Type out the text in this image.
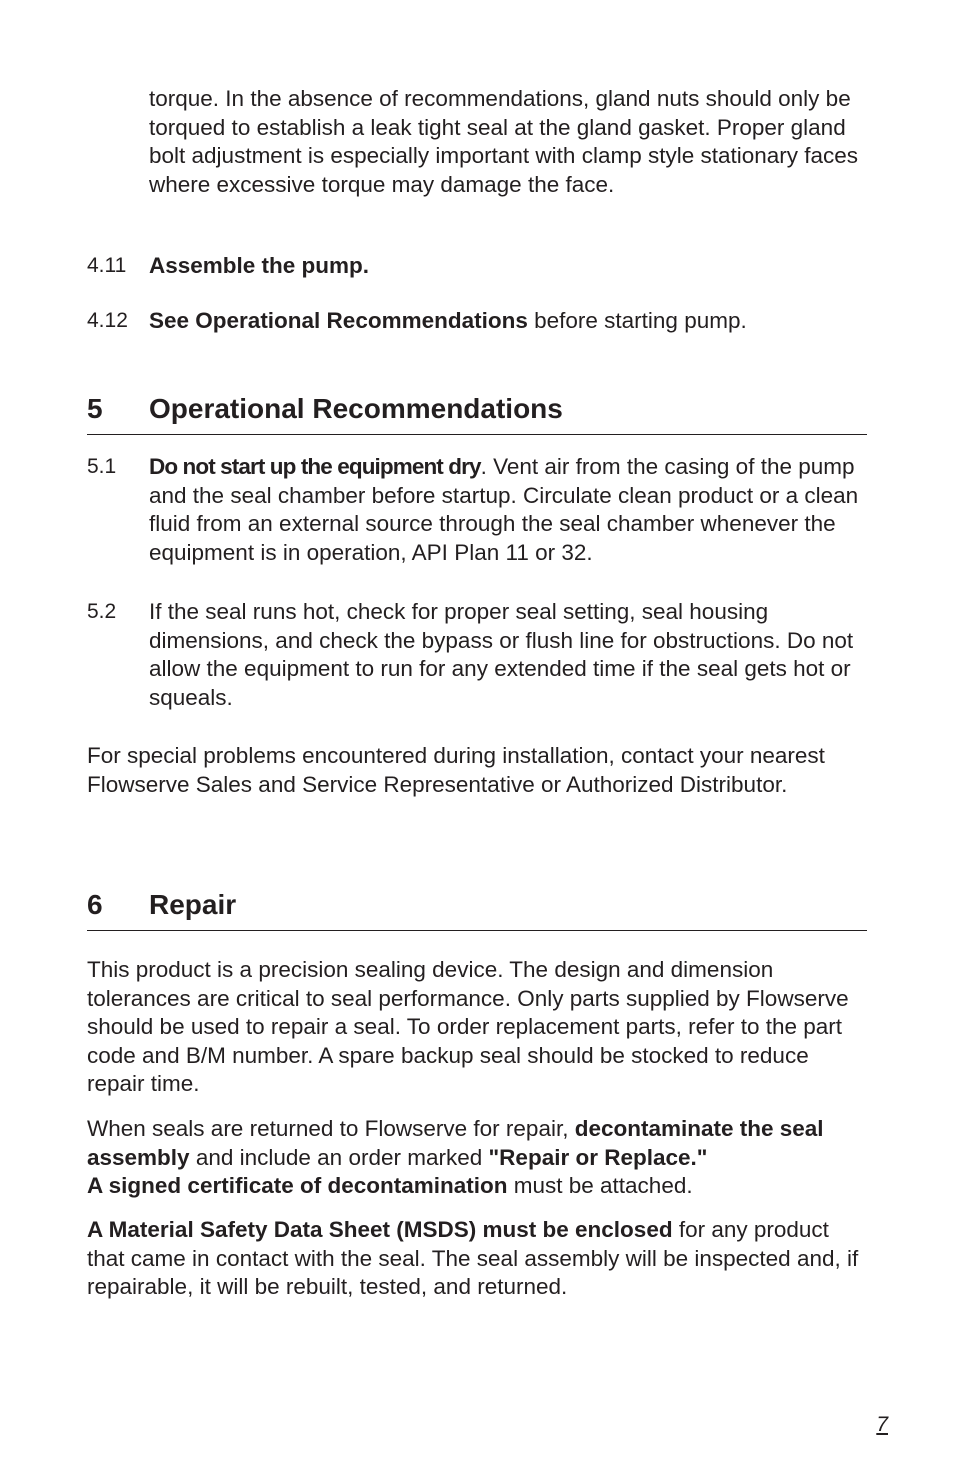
torque. In the absence of recommendations, gland nuts should only be torqued to establish a leak tight seal at the gland gasket. Proper gland bolt adjustment is especially important with clamp style stationary faces where excessive torque may damage the face.
4.11 Assemble the pump.
4.12 See Operational Recommendations before starting pump.
5 Operational Recommendations
5.1 Do not start up the equipment dry. Vent air from the casing of the pump and the seal chamber before startup. Circulate clean product or a clean fluid from an external source through the seal chamber whenever the equipment is in operation, API Plan 11 or 32.
5.2 If the seal runs hot, check for proper seal setting, seal housing dimensions, and check the bypass or flush line for obstructions. Do not allow the equipment to run for any extended time if the seal gets hot or squeals.
For special problems encountered during installation, contact your nearest Flowserve Sales and Service Representative or Authorized Distributor.
6 Repair
This product is a precision sealing device. The design and dimension tolerances are critical to seal performance. Only parts supplied by Flowserve should be used to repair a seal. To order replacement parts, refer to the part code and B/M number. A spare backup seal should be stocked to reduce repair time.
When seals are returned to Flowserve for repair, decontaminate the seal assembly and include an order marked "Repair or Replace."
A signed certificate of decontamination must be attached.
A Material Safety Data Sheet (MSDS) must be enclosed for any product that came in contact with the seal. The seal assembly will be inspected and, if repairable, it will be rebuilt, tested, and returned.
7
